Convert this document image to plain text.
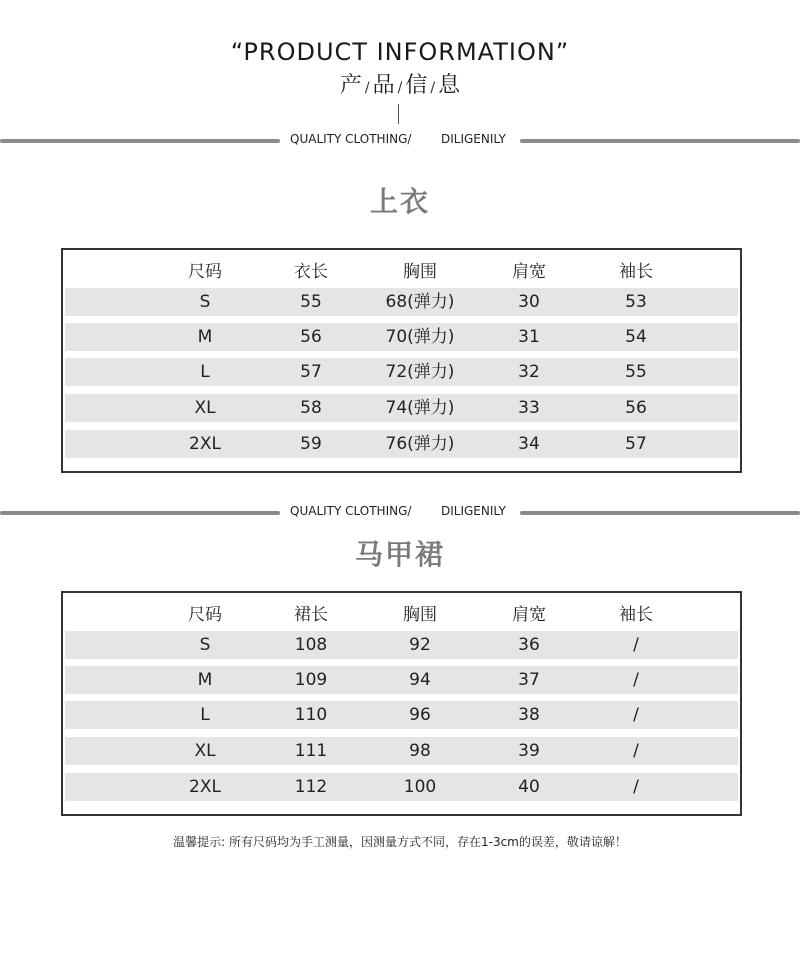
“PRODUCT INFORMATION”
产 / 品 / 信 / 息
QUALITY CLOTHING/ DILIGENILY
上衣
尺码	衣长	胸围	肩宽	袖长
S	55	68(弹力)	30	53
M	56	70(弹力)	31	54
L	57	72(弹力)	32	55
XL	58	74(弹力)	33	56
2XL	59	76(弹力)	34	57
QUALITY CLOTHING/ DILIGENILY
马甲裙
尺码	裙长	胸围	肩宽	袖长
S	108	92	36	/
M	109	94	37	/
L	110	96	38	/
XL	111	98	39	/
2XL	112	100	40	/
温馨提示: 所有尺码均为手工测量，因测量方式不同，存在1-3cm的误差，敬请谅解！
